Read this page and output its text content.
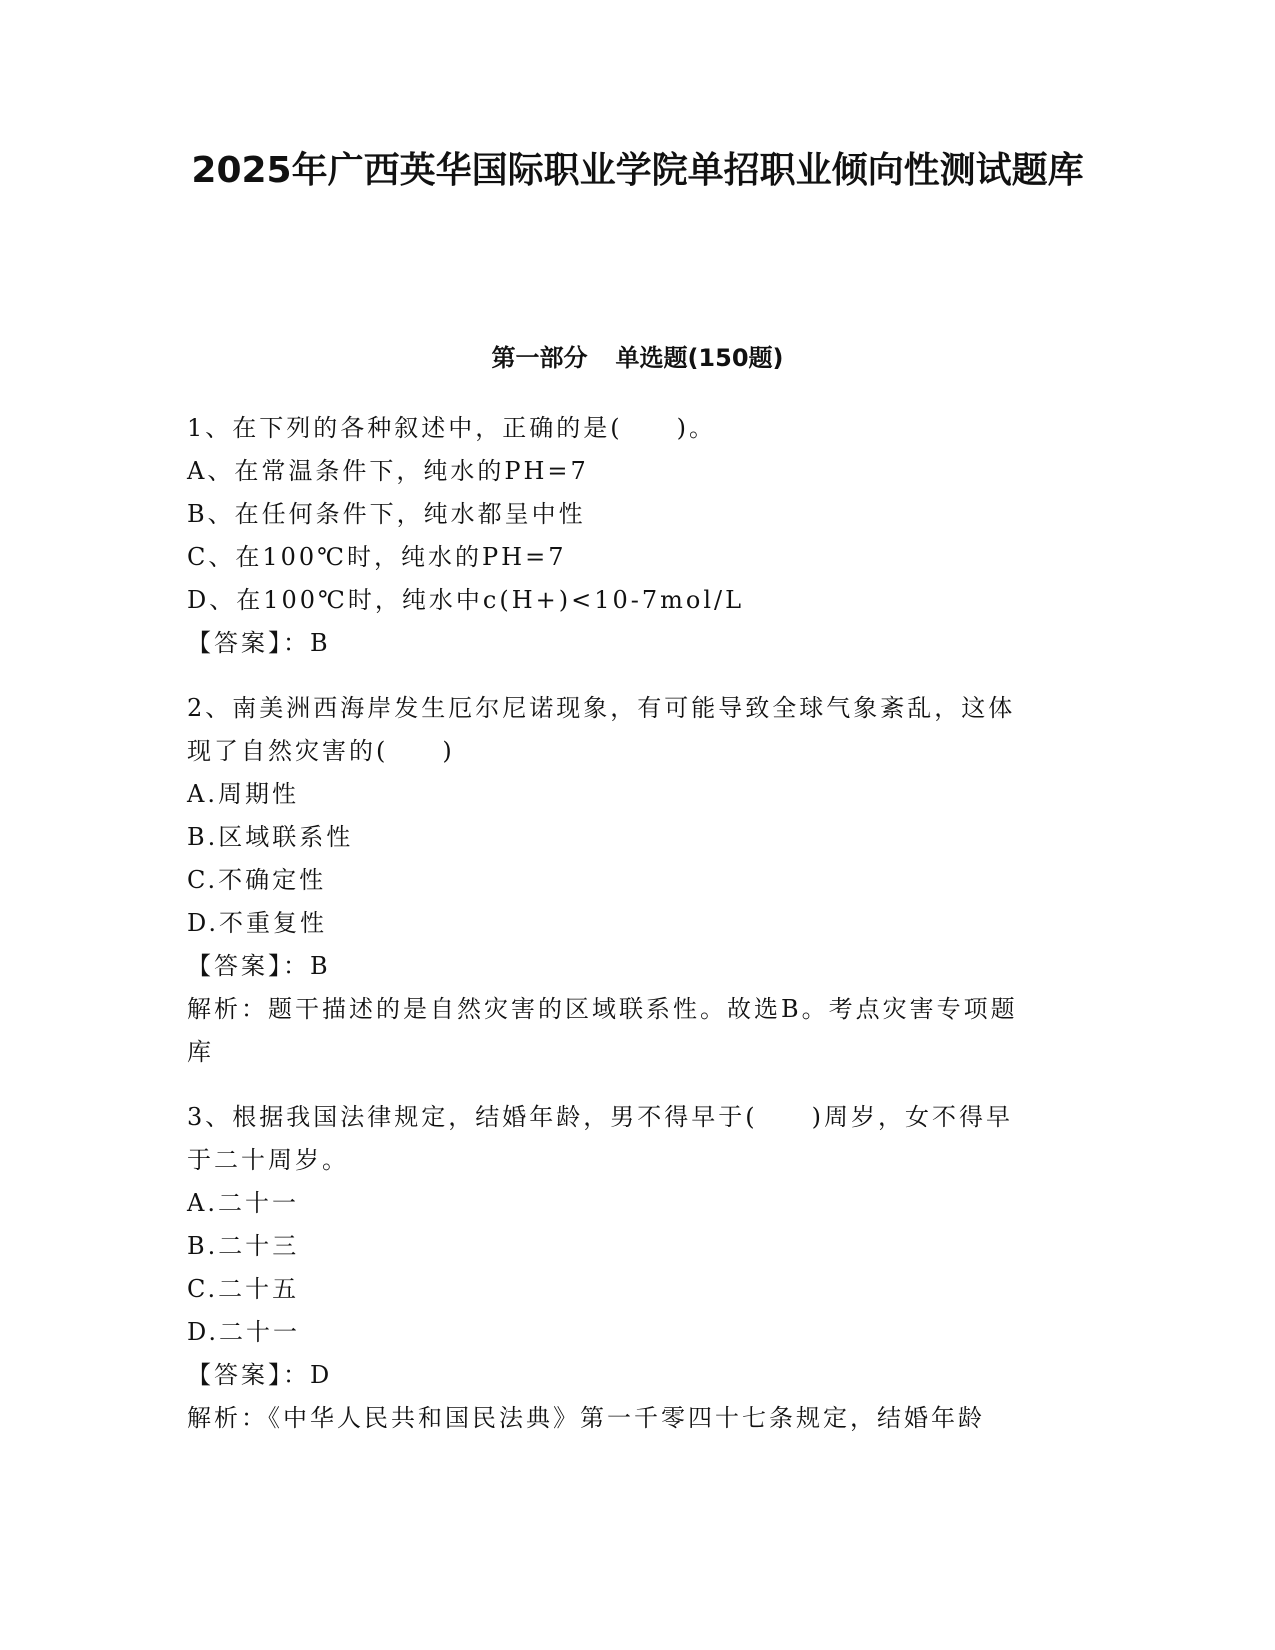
2025年广西英华国际职业学院单招职业倾向性测试题库
第一部分 单选题(150题)
1、在下列的各种叙述中，正确的是(　　)。
A、在常温条件下，纯水的PH=7
B、在任何条件下，纯水都呈中性
C、在100℃时，纯水的PH=7
D、在100℃时，纯水中c(H+)<10-7mol/L
【答案】：B
2、南美洲西海岸发生厄尔尼诺现象，有可能导致全球气象紊乱，这体
现了自然灾害的(　　)
A.周期性
B.区域联系性
C.不确定性
D.不重复性
【答案】：B
解析：题干描述的是自然灾害的区域联系性。故选B。考点灾害专项题
库
3、根据我国法律规定，结婚年龄，男不得早于(　　)周岁，女不得早
于二十周岁。
A.二十一
B.二十三
C.二十五
D.二十一
【答案】：D
解析：《中华人民共和国民法典》第一千零四十七条规定，结婚年龄
